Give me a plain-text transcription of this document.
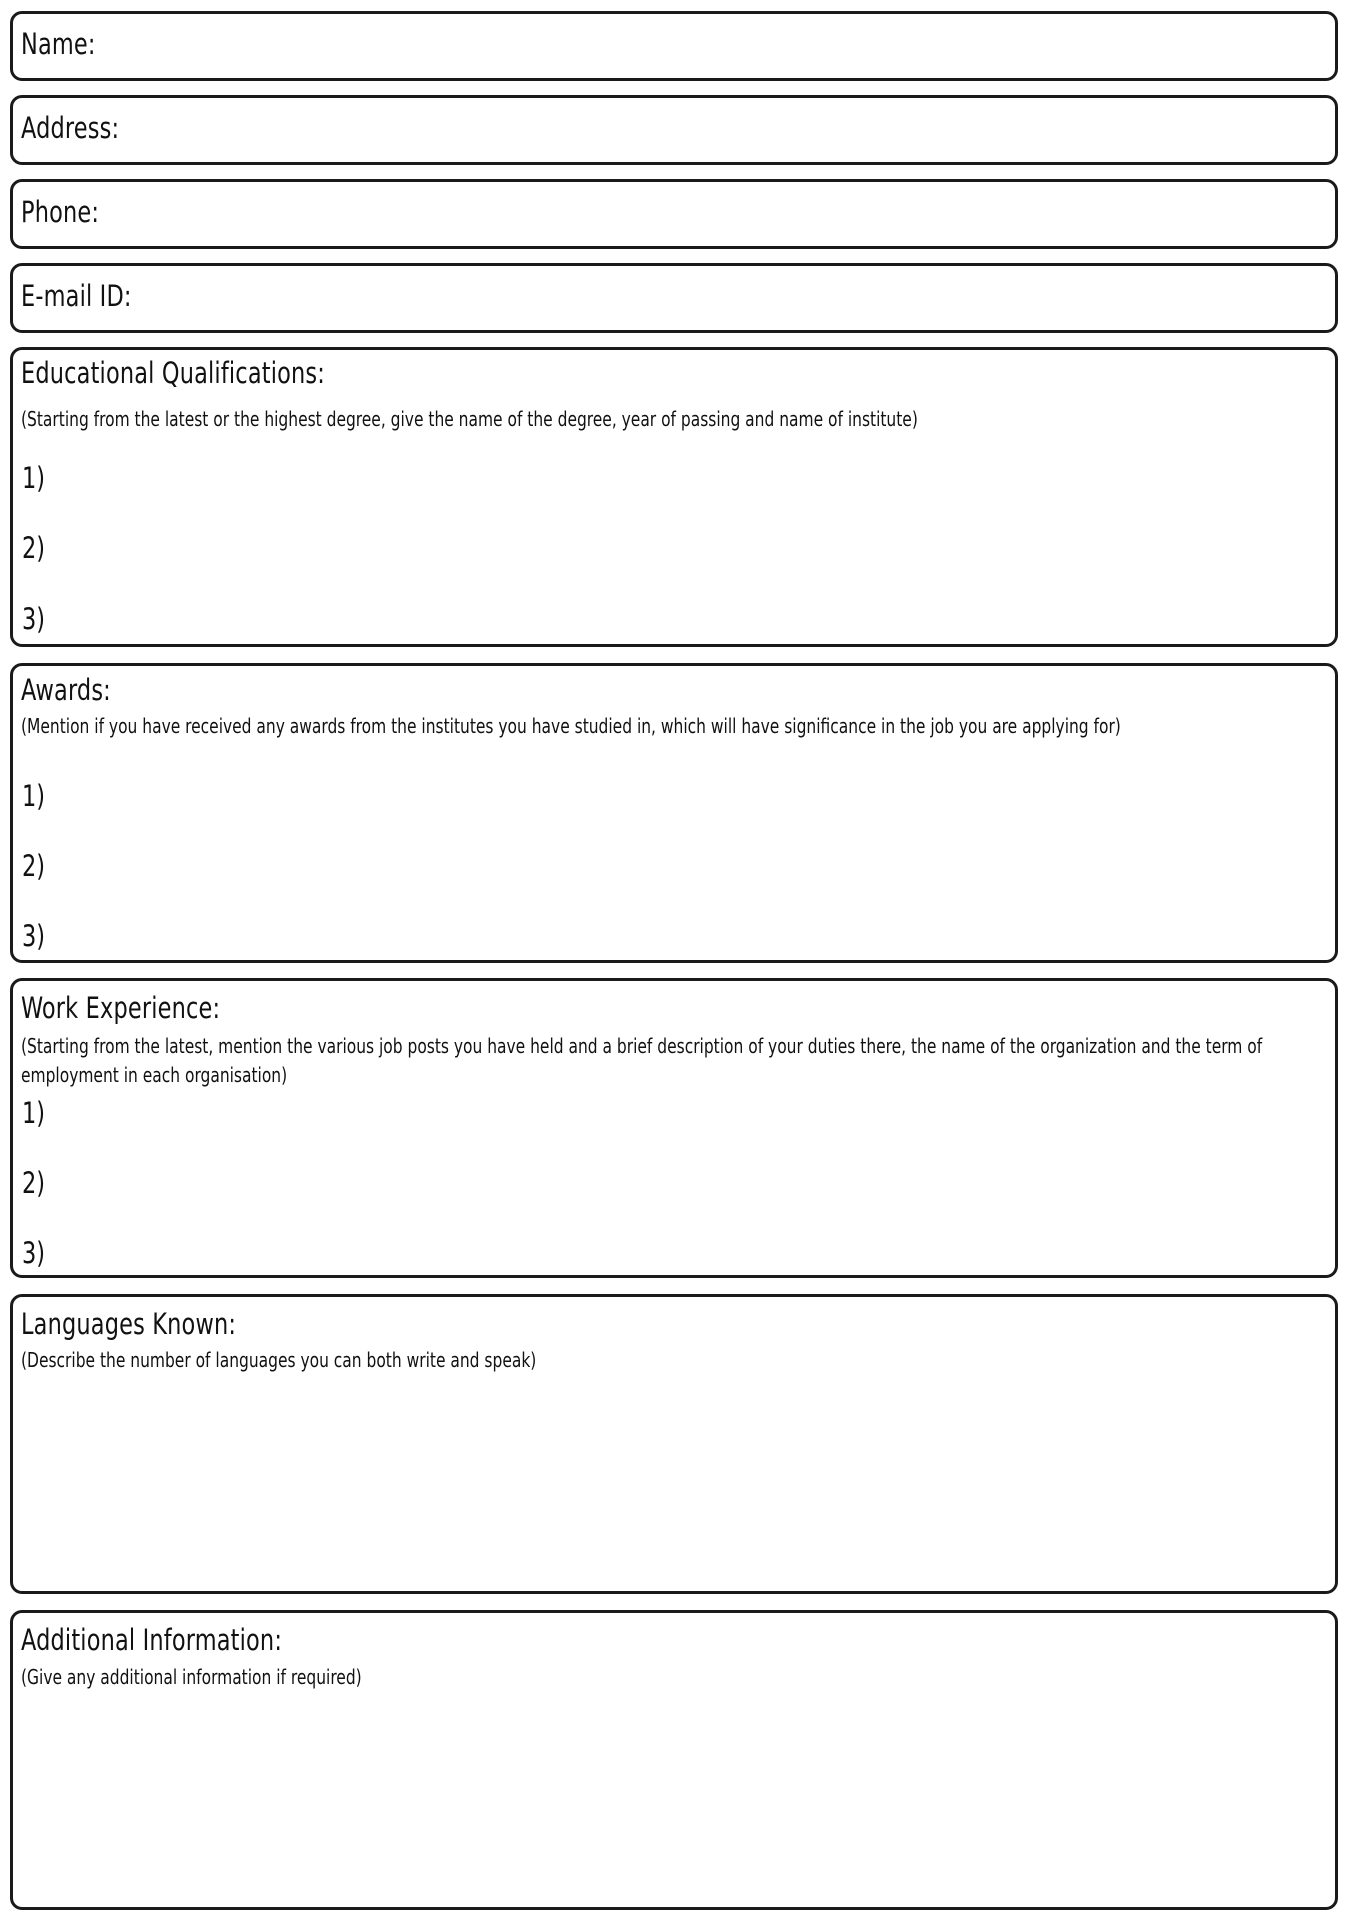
Name:
Address:
Phone:
E-mail ID:
Educational Qualifications:
(Starting from the latest or the highest degree, give the name of the degree, year of passing and name of institute)
1)
2)
3)
Awards:
(Mention if you have received any awards from the institutes you have studied in, which will have significance in the job you are applying for)
1)
2)
3)
Work Experience:
(Starting from the latest, mention the various job posts you have held and a brief description of your duties there, the name of the organization and the term of employment in each organisation)
1)
2)
3)
Languages Known:
(Describe the number of languages you can both write and speak)
Additional Information:
(Give any additional information if required)
